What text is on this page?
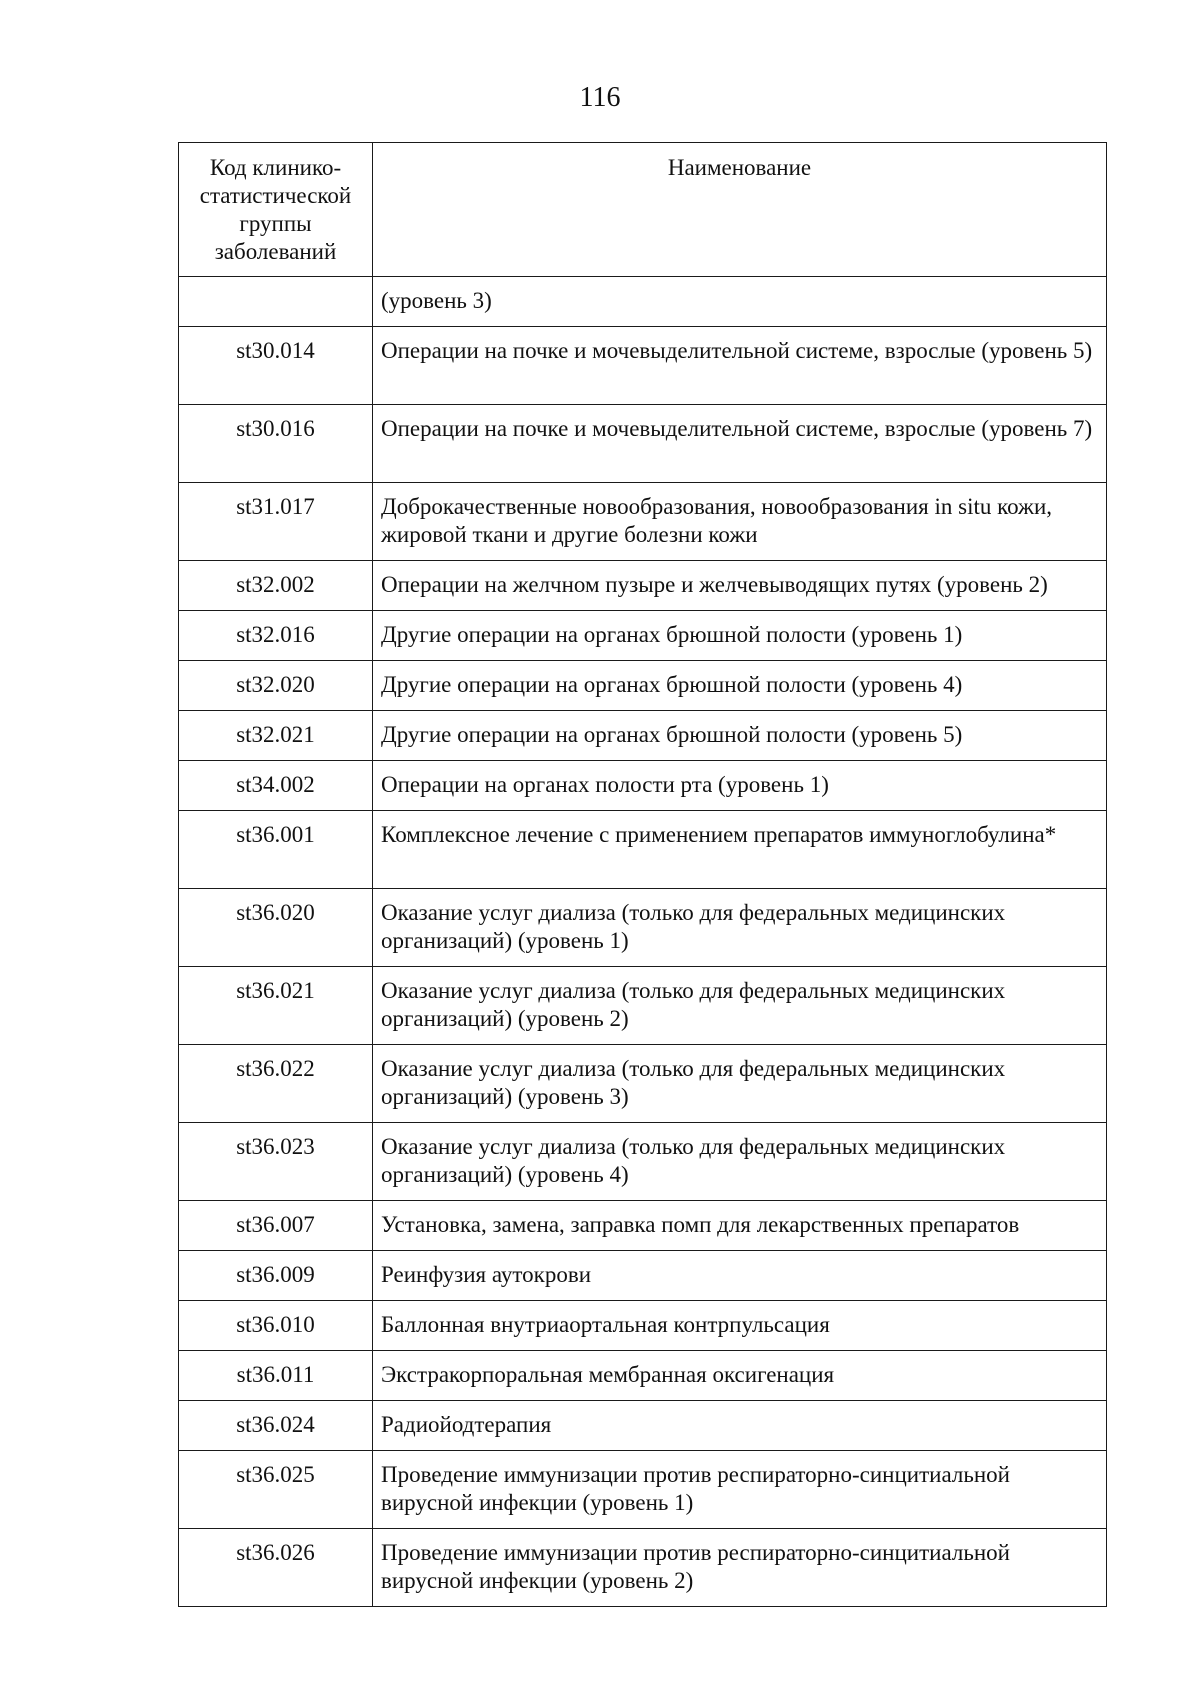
116
Код клинико-статистической группы заболеваний	Наименование
	(уровень 3)
st30.014	Операции на почке и мочевыделительной системе, взрослые (уровень 5)
st30.016	Операции на почке и мочевыделительной системе, взрослые (уровень 7)
st31.017	Доброкачественные новообразования, новообразования in situ кожи, жировой ткани и другие болезни кожи
st32.002	Операции на желчном пузыре и желчевыводящих путях (уровень 2)
st32.016	Другие операции на органах брюшной полости (уровень 1)
st32.020	Другие операции на органах брюшной полости (уровень 4)
st32.021	Другие операции на органах брюшной полости (уровень 5)
st34.002	Операции на органах полости рта (уровень 1)
st36.001	Комплексное лечение с применением препаратов иммуноглобулина*
st36.020	Оказание услуг диализа (только для федеральных медицинских организаций) (уровень 1)
st36.021	Оказание услуг диализа (только для федеральных медицинских организаций) (уровень 2)
st36.022	Оказание услуг диализа (только для федеральных медицинских организаций) (уровень 3)
st36.023	Оказание услуг диализа (только для федеральных медицинских организаций) (уровень 4)
st36.007	Установка, замена, заправка помп для лекарственных препаратов
st36.009	Реинфузия аутокрови
st36.010	Баллонная внутриаортальная контрпульсация
st36.011	Экстракорпоральная мембранная оксигенация
st36.024	Радиойодтерапия
st36.025	Проведение иммунизации против респираторно-синцитиальной вирусной инфекции (уровень 1)
st36.026	Проведение иммунизации против респираторно-синцитиальной вирусной инфекции (уровень 2)
